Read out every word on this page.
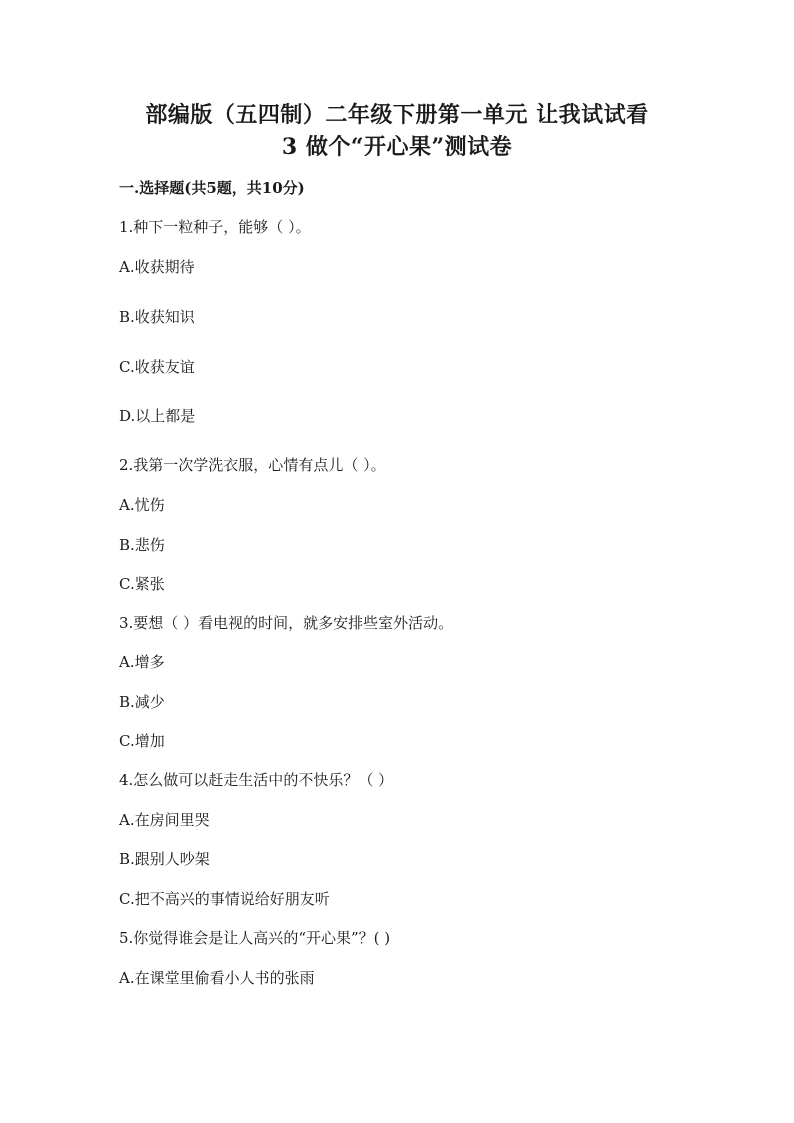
部编版（五四制）二年级下册第一单元 让我试试看
3 做个“开心果”测试卷
一.选择题(共5题，共10分)
1.种下一粒种子，能够（ ）。
A.收获期待
B.收获知识
C.收获友谊
D.以上都是
2.我第一次学洗衣服，心情有点儿（ ）。
A.忧伤
B.悲伤
C.紧张
3.要想（ ）看电视的时间，就多安排些室外活动。
A.增多
B.减少
C.增加
4.怎么做可以赶走生活中的不快乐？（ ）
A.在房间里哭
B.跟别人吵架
C.把不高兴的事情说给好朋友听
5.你觉得谁会是让人高兴的“开心果”？( )
A.在课堂里偷看小人书的张雨
